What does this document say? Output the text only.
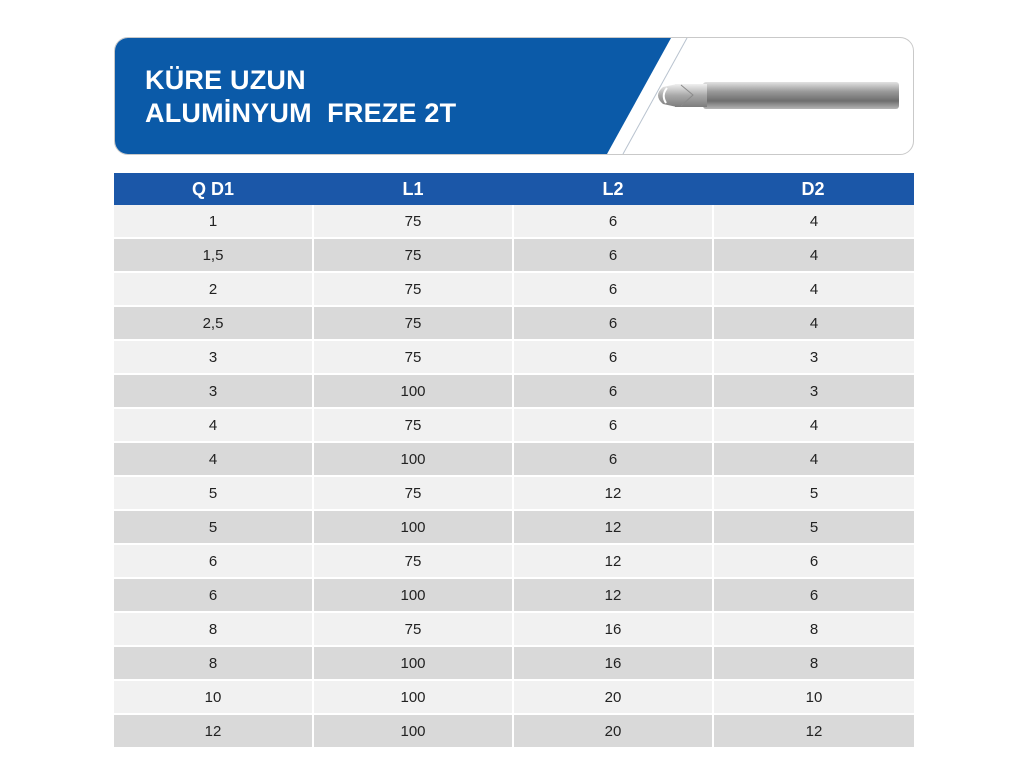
KÜRE UZUN
ALUMİNYUM  FREZE 2T
Q D1	L1	L2	D2
1	75	6	4
1,5	75	6	4
2	75	6	4
2,5	75	6	4
3	75	6	3
3	100	6	3
4	75	6	4
4	100	6	4
5	75	12	5
5	100	12	5
6	75	12	6
6	100	12	6
8	75	16	8
8	100	16	8
10	100	20	10
12	100	20	12
